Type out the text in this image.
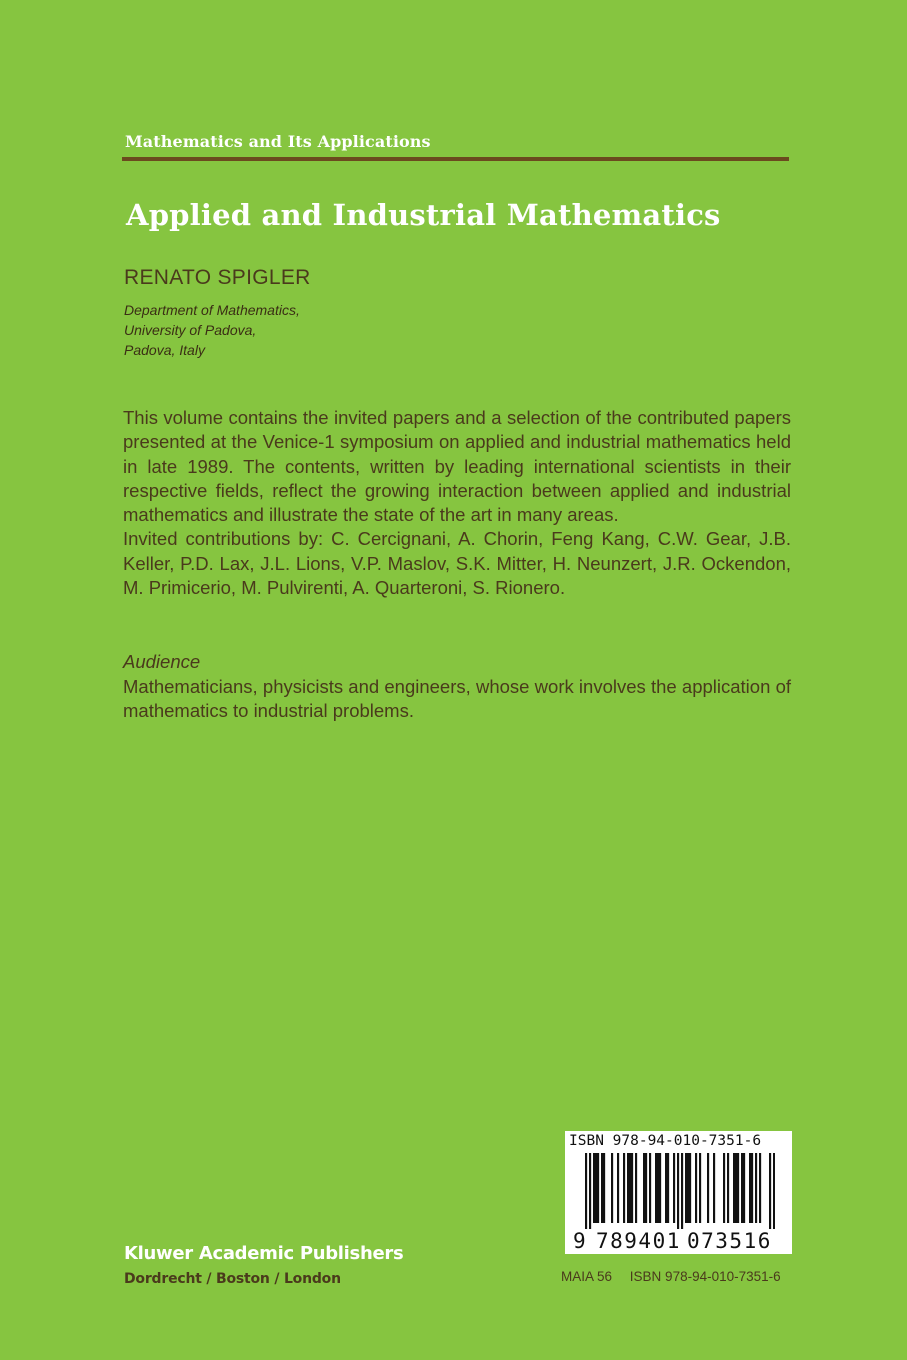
Mathematics and Its Applications
Applied and Industrial Mathematics
RENATO SPIGLER
Department of Mathematics,
University of Padova,
Padova, Italy

This volume contains the invited papers and a selection of the contributed papers presented at the Venice-1 symposium on applied and industrial mathematics held in late 1989. The contents, written by leading international scientists in their respective fields, reflect the growing interaction between applied and industrial mathematics and illustrate the state of the art in many areas.

Invited contributions by: C. Cercignani, A. Chorin, Feng Kang, C.W. Gear, J.B. Keller, P.D. Lax, J.L. Lions, V.P. Maslov, S.K. Mitter, H. Neunzert, J.R. Ockendon, M. Primicerio, M. Pulvirenti, A. Quarteroni, S. Rionero.

Audience
Mathematicians, physicists and engineers, whose work involves the application of mathematics to industrial problems.
ISBN 978-94-010-7351-6
9 789401 073516
Kluwer Academic Publishers
Dordrecht / Boston / London	MAIA 56 ISBN 978-94-010-7351-6
